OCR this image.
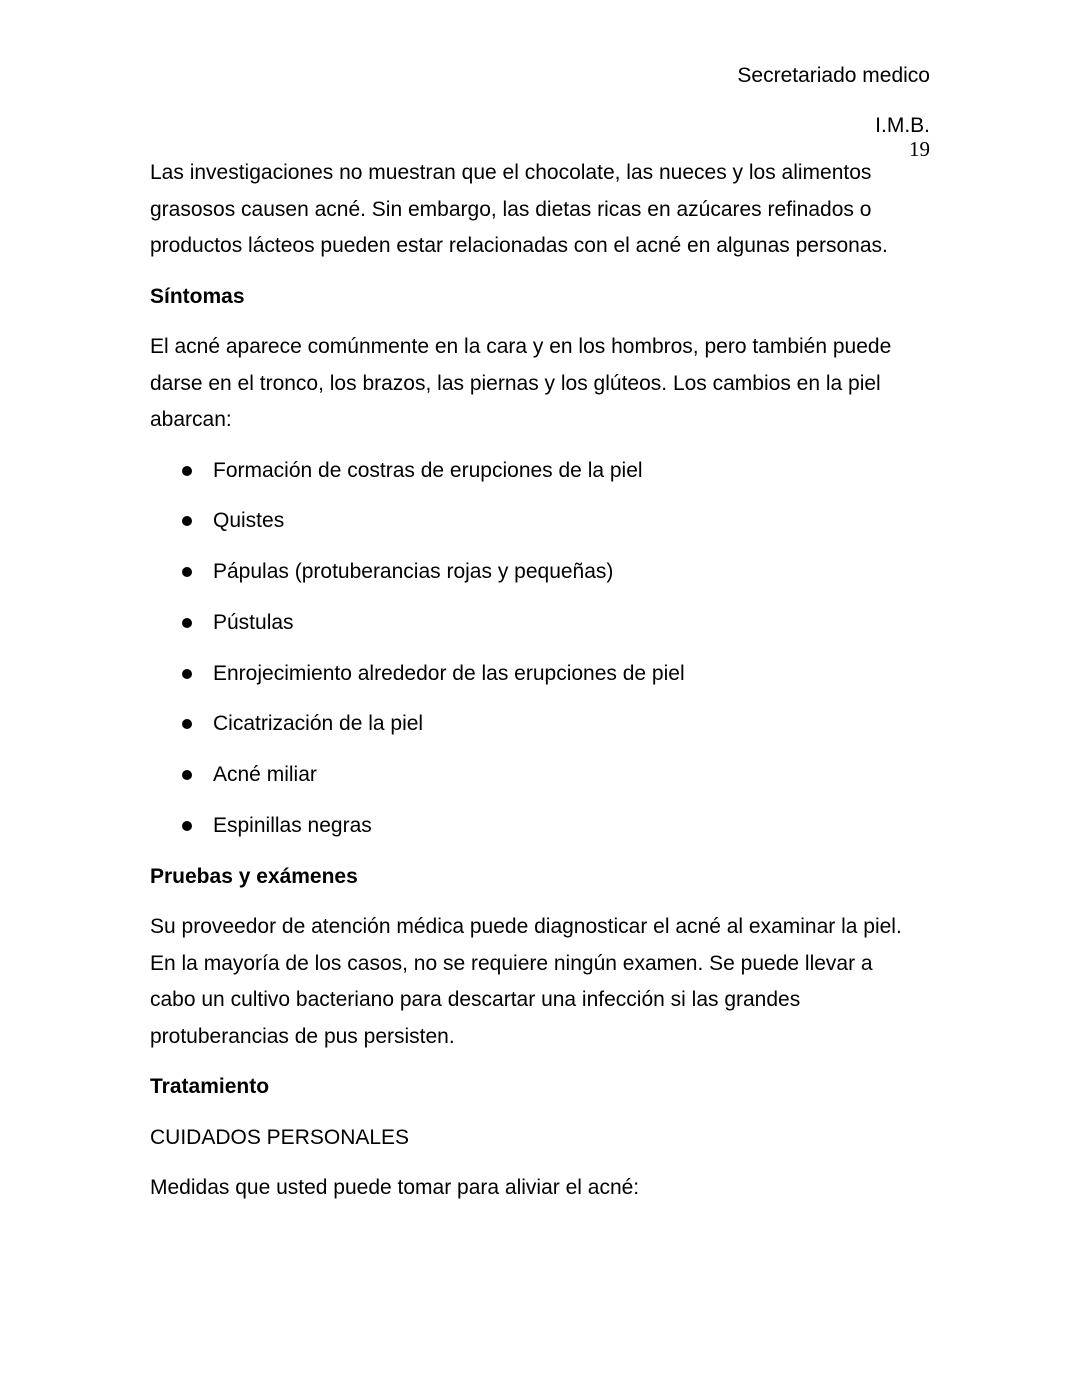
Secretariado medico
I.M.B.
19
Las investigaciones no muestran que el chocolate, las nueces y los alimentos
grasosos causen acné. Sin embargo, las dietas ricas en azúcares refinados o
productos lácteos pueden estar relacionadas con el acné en algunas personas.
Síntomas
El acné aparece comúnmente en la cara y en los hombros, pero también puede
darse en el tronco, los brazos, las piernas y los glúteos. Los cambios en la piel
abarcan:
Formación de costras de erupciones de la piel
Quistes
Pápulas (protuberancias rojas y pequeñas)
Pústulas
Enrojecimiento alrededor de las erupciones de piel
Cicatrización de la piel
Acné miliar
Espinillas negras
Pruebas y exámenes
Su proveedor de atención médica puede diagnosticar el acné al examinar la piel.
En la mayoría de los casos, no se requiere ningún examen. Se puede llevar a
cabo un cultivo bacteriano para descartar una infección si las grandes
protuberancias de pus persisten.
Tratamiento
CUIDADOS PERSONALES
Medidas que usted puede tomar para aliviar el acné:
